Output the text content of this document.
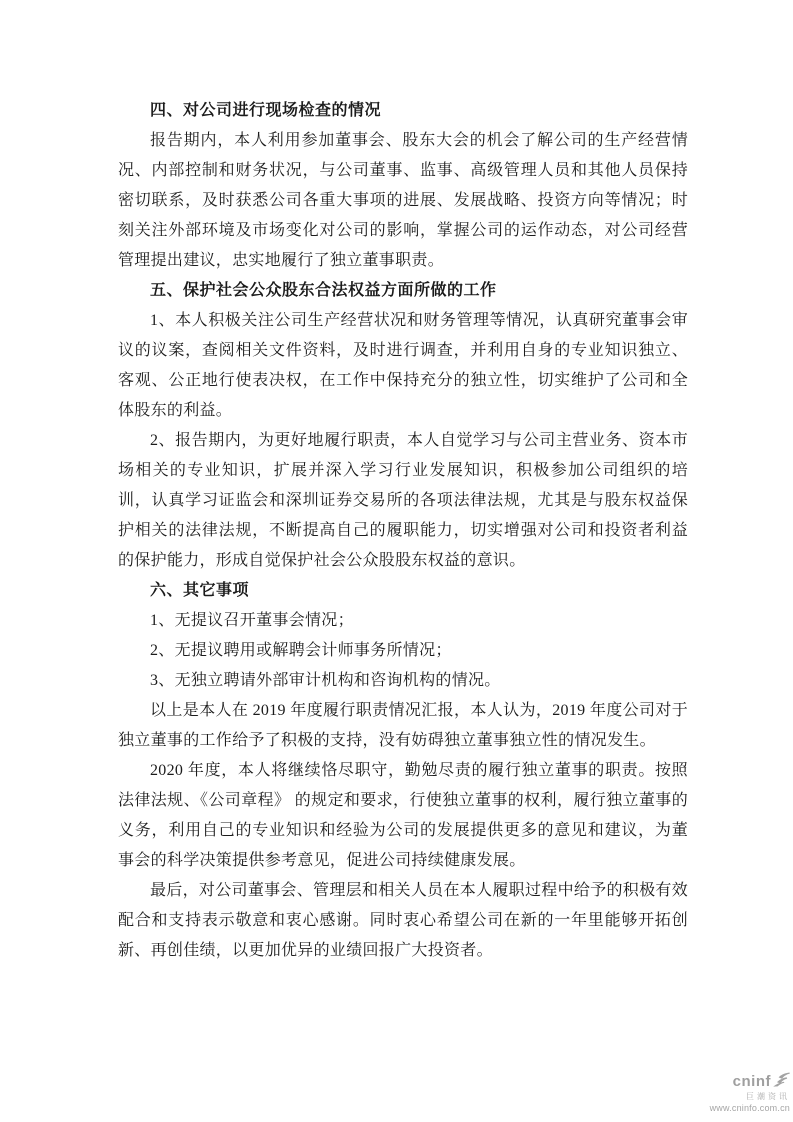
四、对公司进行现场检查的情况

报告期内，本人利用参加董事会、股东大会的机会了解公司的生产经营情况、内部控制和财务状况，与公司董事、监事、高级管理人员和其他人员保持密切联系，及时获悉公司各重大事项的进展、发展战略、投资方向等情况；时刻关注外部环境及市场变化对公司的影响，掌握公司的运作动态，对公司经营管理提出建议，忠实地履行了独立董事职责。

五、保护社会公众股东合法权益方面所做的工作

1、本人积极关注公司生产经营状况和财务管理等情况，认真研究董事会审议的议案，查阅相关文件资料，及时进行调查，并利用自身的专业知识独立、客观、公正地行使表决权，在工作中保持充分的独立性，切实维护了公司和全体股东的利益。

2、报告期内，为更好地履行职责，本人自觉学习与公司主营业务、资本市场相关的专业知识，扩展并深入学习行业发展知识，积极参加公司组织的培训，认真学习证监会和深圳证券交易所的各项法律法规，尤其是与股东权益保护相关的法律法规，不断提高自己的履职能力，切实增强对公司和投资者利益的保护能力，形成自觉保护社会公众股股东权益的意识。

六、其它事项

1、无提议召开董事会情况；

2、无提议聘用或解聘会计师事务所情况；

3、无独立聘请外部审计机构和咨询机构的情况。

以上是本人在 2019 年度履行职责情况汇报，本人认为，2019 年度公司对于独立董事的工作给予了积极的支持，没有妨碍独立董事独立性的情况发生。

2020 年度，本人将继续恪尽职守，勤勉尽责的履行独立董事的职责。按照法律法规、《公司章程》 的规定和要求，行使独立董事的权利，履行独立董事的义务，利用自己的专业知识和经验为公司的发展提供更多的意见和建议，为董事会的科学决策提供参考意见，促进公司持续健康发展。

最后，对公司董事会、管理层和相关人员在本人履职过程中给予的积极有效配合和支持表示敬意和衷心感谢。同时衷心希望公司在新的一年里能够开拓创新、再创佳绩，以更加优异的业绩回报广大投资者。

cninf
巨潮资讯
www.cninfo.com.cn
